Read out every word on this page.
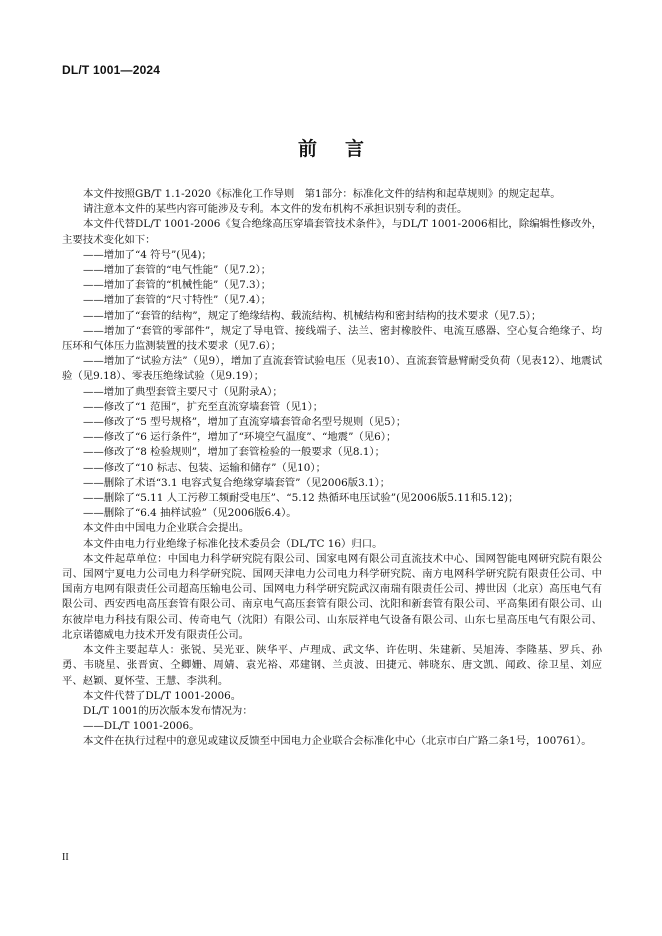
DL/T 1001—2024
前 言

本文件按照GB/T 1.1-2020《标准化工作导则　第1部分：标准化文件的结构和起草规则》的规定起草。

请注意本文件的某些内容可能涉及专利。本文件的发布机构不承担识别专利的责任。

本文件代替DL/T 1001-2006《复合绝缘高压穿墙套管技术条件》，与DL/T 1001-2006相比，除编辑性修改外，主要技术变化如下：

——增加了“4 符号”(见4)；

——增加了套管的“电气性能”（见7.2）；

——增加了套管的“机械性能”（见7.3）；

——增加了套管的“尺寸特性”（见7.4）；

——增加了“套管的结构”，规定了绝缘结构、载流结构、机械结构和密封结构的技术要求（见7.5）；

——增加了“套管的零部件”，规定了导电管、接线端子、法兰、密封橡胶件、电流互感器、空心复合绝缘子、均压环和气体压力监测装置的技术要求（见7.6）；

——增加了“试验方法”（见9），增加了直流套管试验电压（见表10）、直流套管悬臂耐受负荷（见表12）、地震试验（见9.18）、零表压绝缘试验（见9.19）；

——增加了典型套管主要尺寸（见附录A）；

——修改了“1 范围”，扩充至直流穿墙套管（见1）；

——修改了“5 型号规格”，增加了直流穿墙套管命名型号规则（见5）；

——修改了“6 运行条件”，增加了“环境空气温度”、“地震”（见6）；

——修改了“8 检验规则”，增加了套管检验的一般要求（见8.1）；

——修改了“10 标志、包装、运输和储存”（见10）；

——删除了术语“3.1 电容式复合绝缘穿墙套管”（见2006版3.1）；

——删除了“5.11 人工污秽工频耐受电压”、“5.12 热循环电压试验”(见2006版5.11和5.12)；

——删除了“6.4 抽样试验”（见2006版6.4）。

本文件由中国电力企业联合会提出。

本文件由电力行业绝缘子标准化技术委员会（DL/TC 16）归口。

本文件起草单位：中国电力科学研究院有限公司、国家电网有限公司直流技术中心、国网智能电网研究院有限公司、国网宁夏电力公司电力科学研究院、国网天津电力公司电力科学研究院、南方电网科学研究院有限责任公司、中国南方电网有限责任公司超高压输电公司、国网电力科学研究院武汉南瑞有限责任公司、搏世因（北京）高压电气有限公司、西安西电高压套管有限公司、南京电气高压套管有限公司、沈阳和新套管有限公司、平高集团有限公司、山东彼岸电力科技有限公司、传奇电气（沈阳）有限公司、山东辰祥电气设备有限公司、山东七星高压电气有限公司、北京诺德威电力技术开发有限责任公司。

本文件主要起草人：张锐、吴光亚、陕华平、卢理成、武文华、许佐明、朱建新、吴旭涛、李隆基、罗兵、孙勇、韦晓星、张晋寅、仝卿姗、周婧、袁光裕、邓建钢、兰贞波、田捷元、韩晓东、唐文凯、闻政、徐卫星、刘应平、赵颖、夏怀莹、王慧、李洪利。

本文件代替了DL/T 1001-2006。

DL/T 1001的历次版本发布情况为：

——DL/T 1001-2006。

本文件在执行过程中的意见或建议反馈至中国电力企业联合会标准化中心（北京市白广路二条1号，100761）。

II
